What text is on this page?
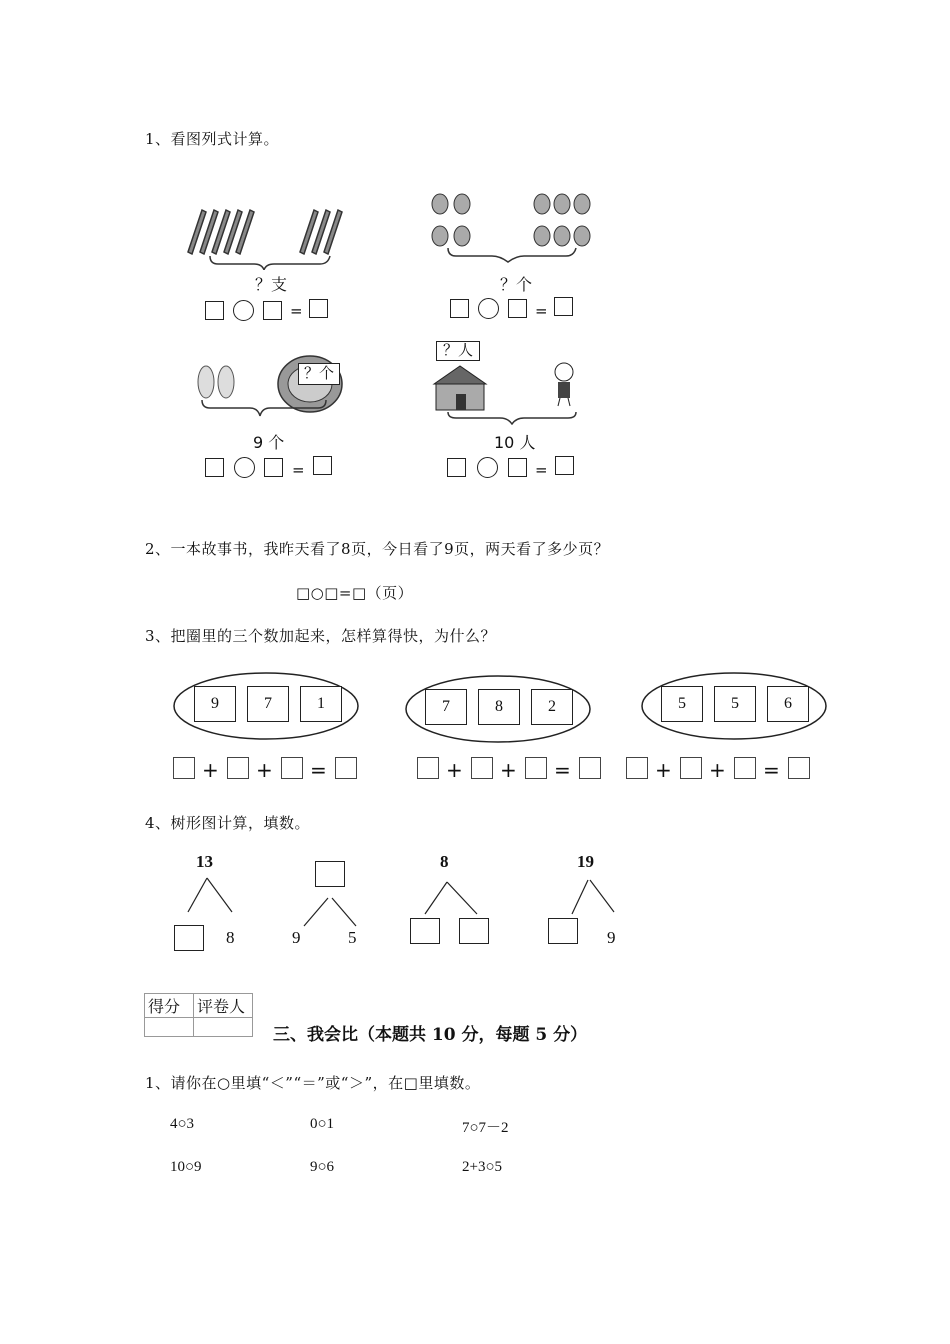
1、看图列式计算。
？支	？个
=	=
？个
9 个
？人
10 人
=	=
2、一本故事书，我昨天看了8页，今日看了9页，两天看了多少页？
□○□=□（页）
3、把圈里的三个数加起来，怎样算得快，为什么？
9	7	1	7	8	2	5	5	6
+ + =	+ + =	+ + =
4、树形图计算，填数。
13
8	9	5
8	19
9
得分	评卷人

三、我会比（本题共 10 分，每题 5 分）
1、请你在○里填“＜”“＝”或“＞”，在□里填数。
4○3	0○1	7○7－2
10○9	9○6	2+3○5
